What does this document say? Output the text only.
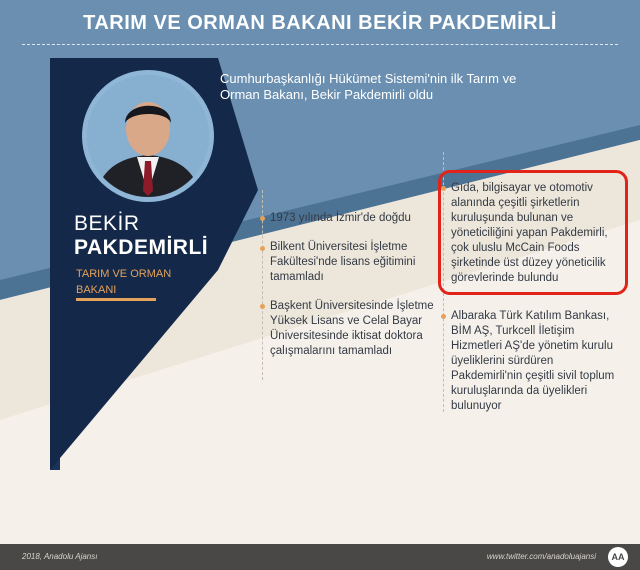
TARIM VE ORMAN BAKANI BEKİR PAKDEMİRLİ
BEKİR
PAKDEMİRLİ
TARIM VE ORMAN BAKANI
Cumhurbaşkanlığı Hükümet Sistemi'nin ilk Tarım ve Orman Bakanı, Bekir Pakdemirli oldu
1973 yılında İzmir'de doğdu
Bilkent Üniversitesi İşletme Fakültesi'nde lisans eğitimini tamamladı
Başkent Üniversitesinde İşletme Yüksek Lisans ve Celal Bayar Üniversitesinde iktisat doktora çalışmalarını tamamladı
Gıda, bilgisayar ve otomotiv alanında çeşitli şirketlerin kuruluşunda bulunan ve yöneticiliğini yapan Pakdemirli, çok uluslu McCain Foods şirketinde üst düzey yöneticilik görevlerinde bulundu
Albaraka Türk Katılım Bankası, BİM AŞ, Turkcell İletişim Hizmetleri AŞ'de yönetim kurulu üyeliklerini sürdüren Pakdemirli'nin çeşitli sivil toplum kuruluşlarında da üyelikleri bulunuyor
2018, Anadolu Ajansı	www.twitter.com/anadoluajansi	AA
